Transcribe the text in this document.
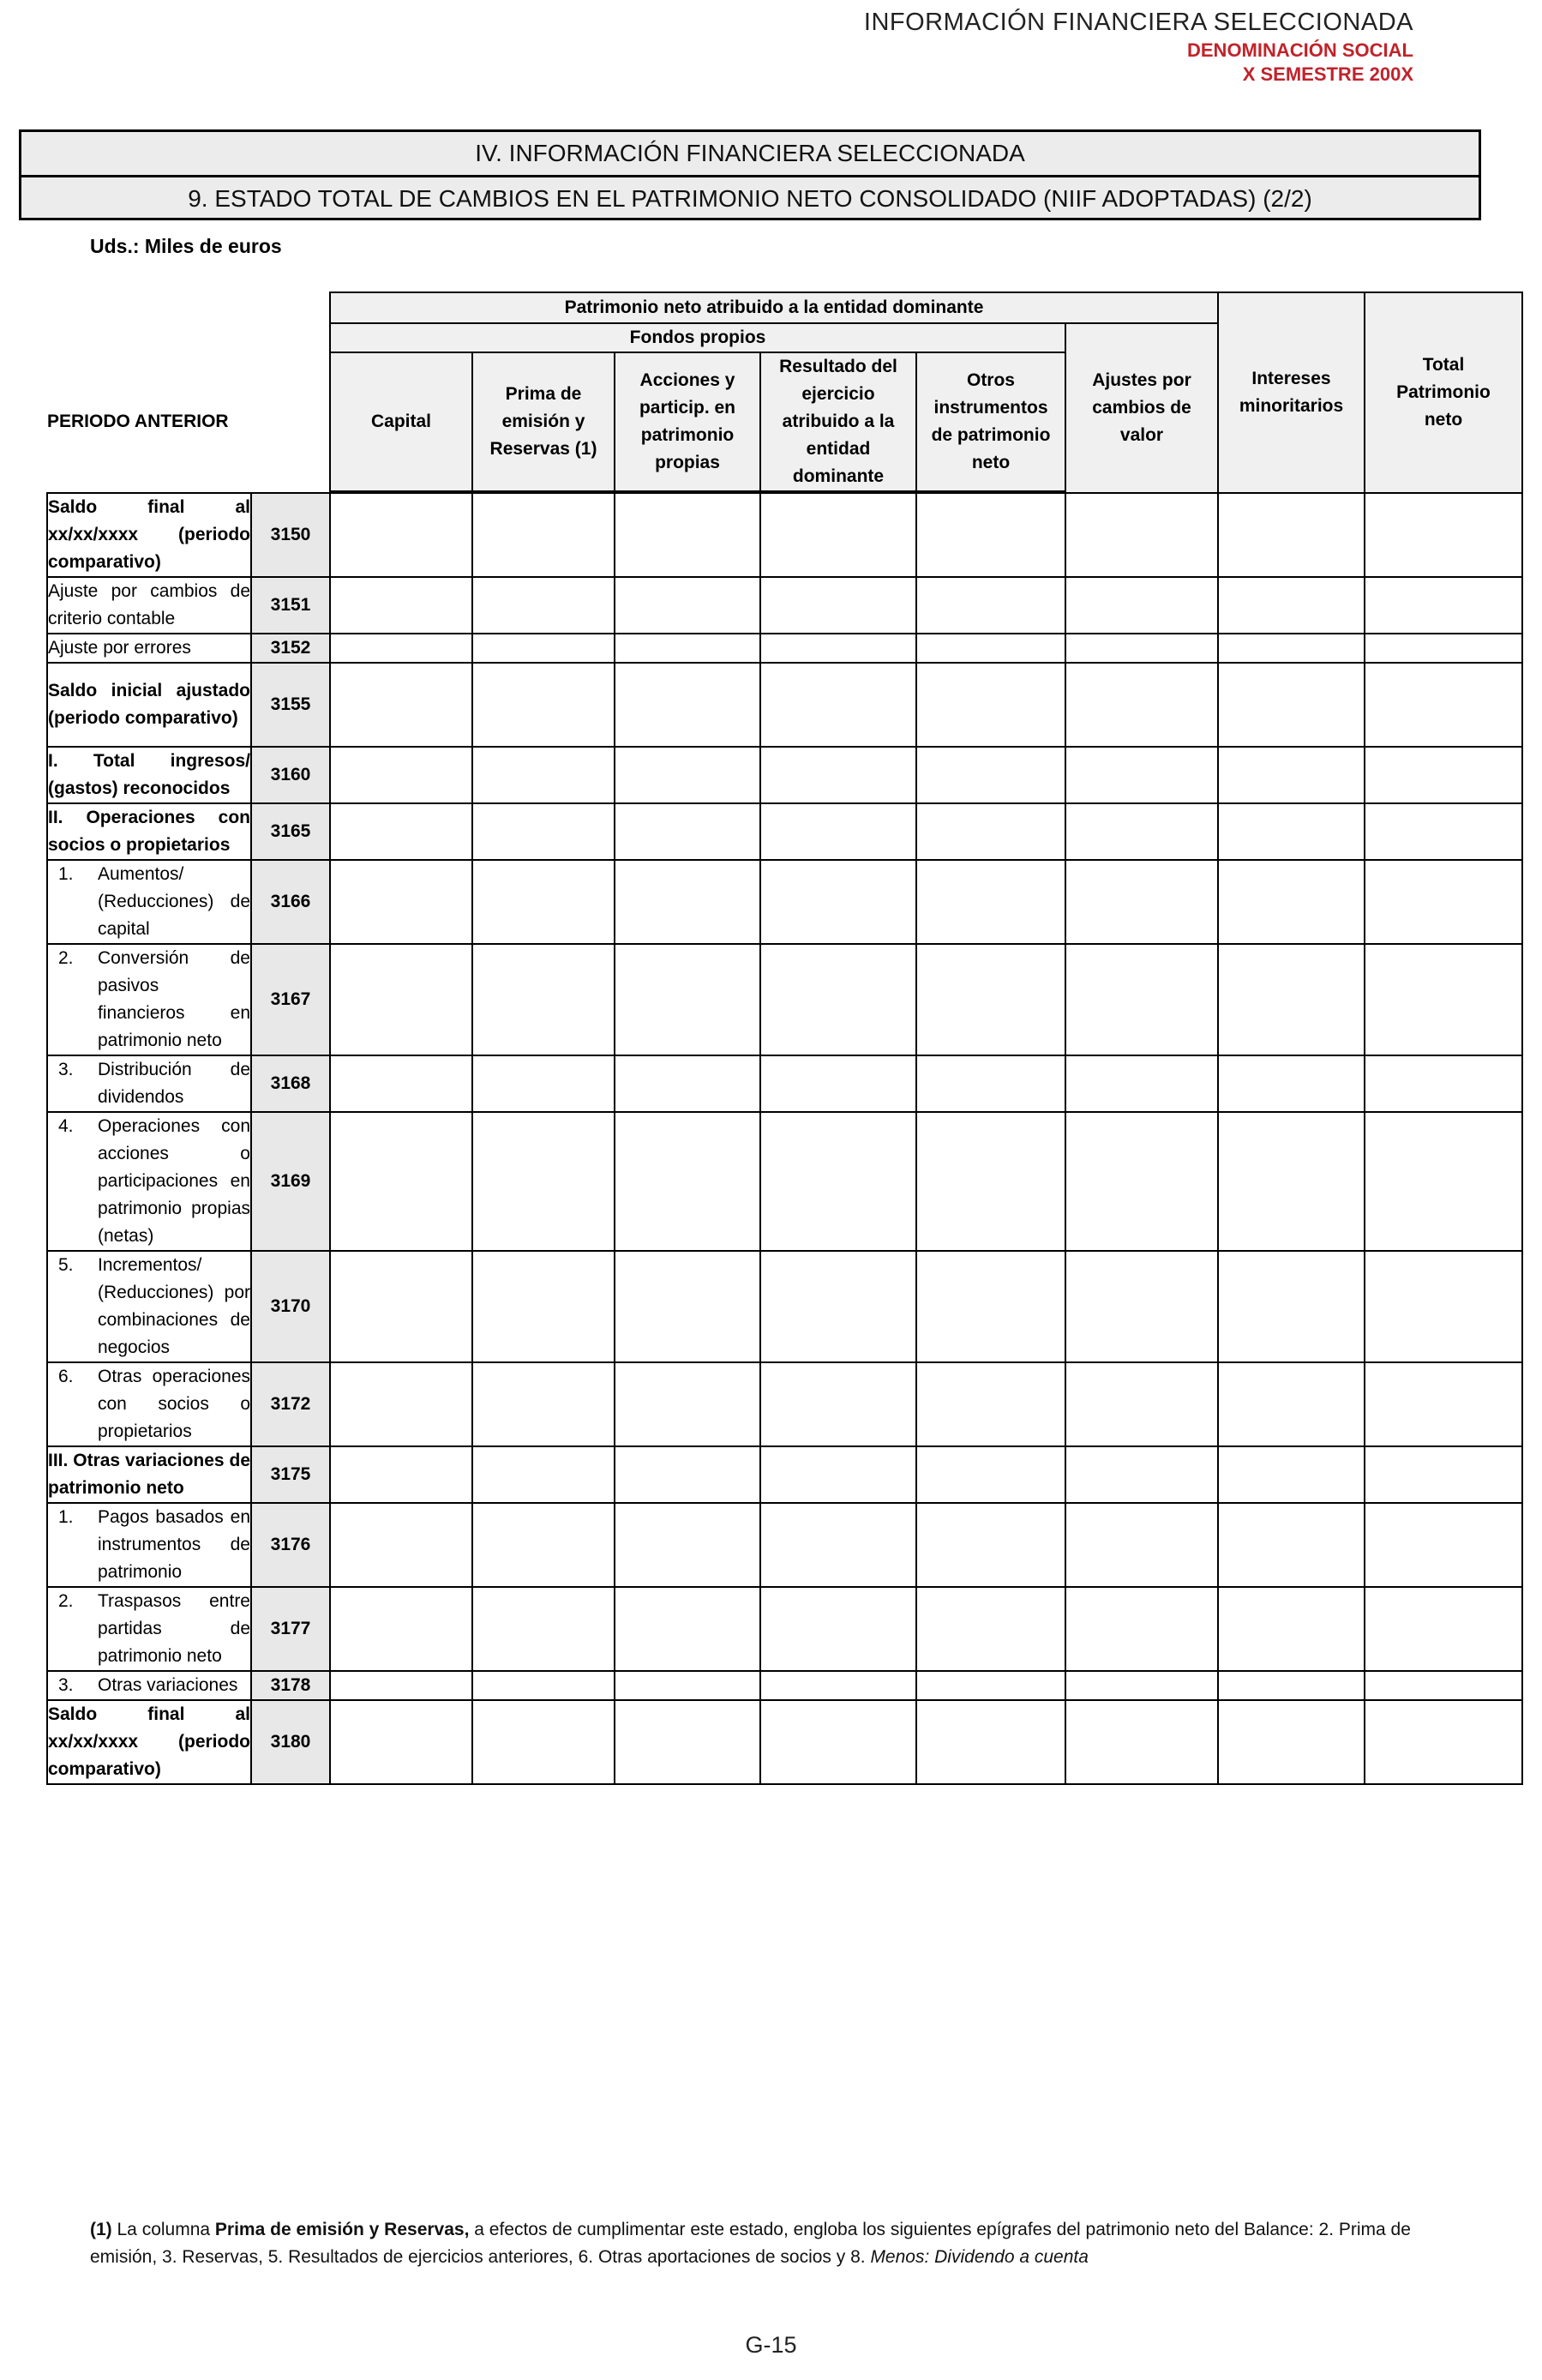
INFORMACIÓN FINANCIERA SELECCIONADA
DENOMINACIÓN SOCIAL
X SEMESTRE 200X
IV. INFORMACIÓN FINANCIERA SELECCIONADA
9. ESTADO TOTAL DE CAMBIOS EN EL PATRIMONIO NETO CONSOLIDADO (NIIF ADOPTADAS) (2/2)
Uds.: Miles de euros
		Patrimonio neto atribuido a la entidad dominante						Intereses minoritarios	Total Patrimonio neto
		Fondos propios					Ajustes por cambios de valor		
PERIODO ANTERIOR		Capital	Prima de emisión y Reservas (1)	Acciones y particip. en patrimonio propias	Resultado del ejercicio atribuido a la entidad dominante	Otros instrumentos de patrimonio neto			

Saldo final al xx/xx/xxxx (periodo comparativo)	3150								
Ajuste por cambios de criterio contable	3151								
Ajuste por errores	3152								
Saldo inicial ajustado (periodo comparativo)	3155								
I. Total ingresos/ (gastos) reconocidos	3160								
II. Operaciones con socios o propietarios	3165								

1. Aumentos/ (Reducciones) de capital	3166								

2. Conversión de pasivos financieros en patrimonio neto	3167								

3. Distribución de dividendos	3168								

4. Operaciones con acciones o participaciones en patrimonio propias (netas)	3169								

5. Incrementos/ (Reducciones) por combinaciones de negocios	3170								

6. Otras operaciones con socios o propietarios	3172								
III. Otras variaciones de patrimonio neto	3175								

1. Pagos basados en instrumentos de patrimonio	3176								

2. Traspasos entre partidas de patrimonio neto	3177								

3. Otras variaciones	3178								
Saldo final al xx/xx/xxxx (periodo comparativo)	3180								
(1) La columna Prima de emisión y Reservas, a efectos de cumplimentar este estado, engloba los siguientes epígrafes del patrimonio neto del Balance: 2. Prima de emisión, 3. Reservas, 5. Resultados de ejercicios anteriores, 6. Otras aportaciones de socios y 8. Menos: Dividendo a cuenta
G-15
